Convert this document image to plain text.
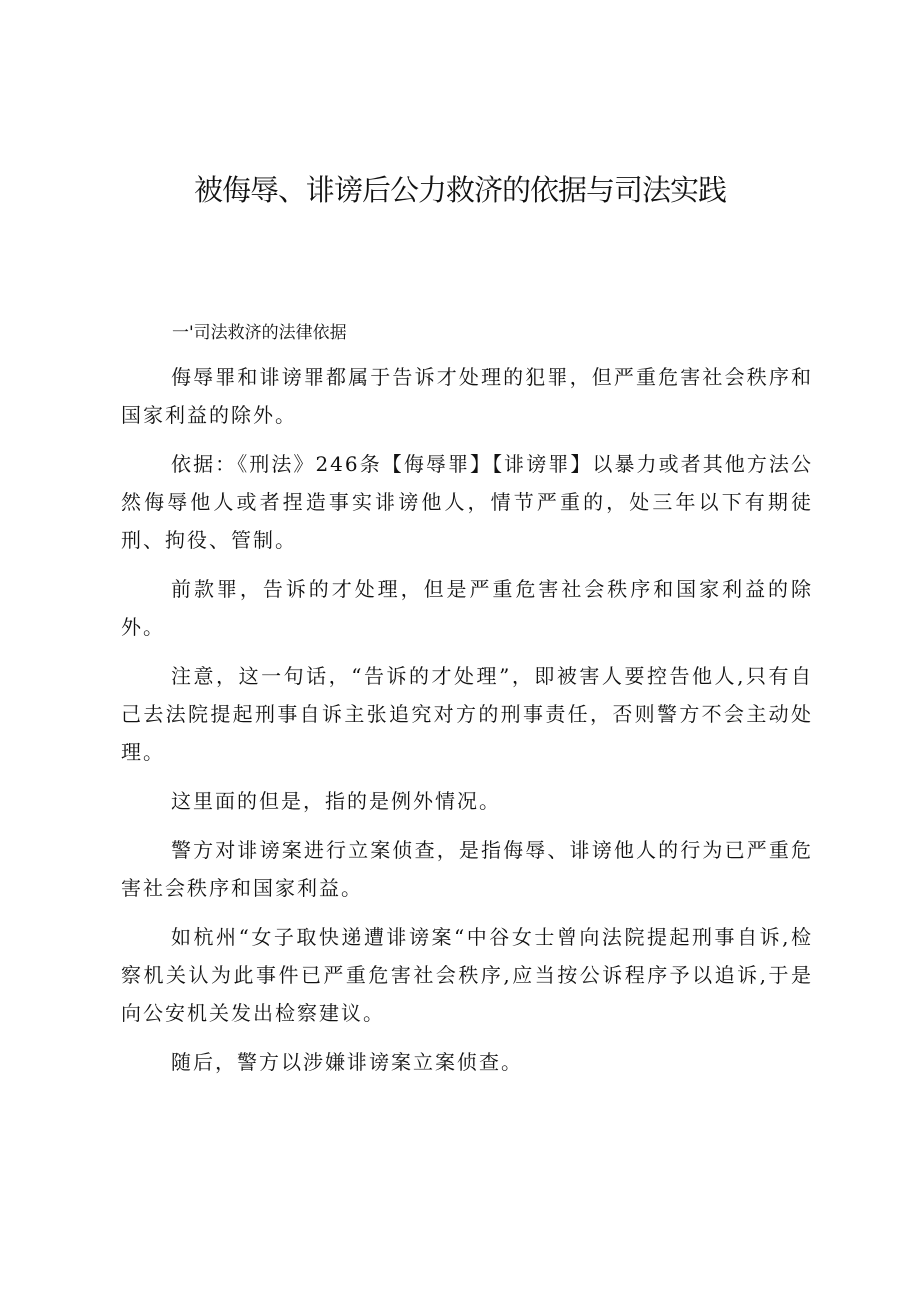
被侮辱、诽谤后公力救济的依据与司法实践
一'司法救济的法律依据

侮辱罪和诽谤罪都属于告诉才处理的犯罪，但严重危害社会秩序和国家利益的除外。

依据：《刑法》246条【侮辱罪】【诽谤罪】以暴力或者其他方法公然侮辱他人或者捏造事实诽谤他人，情节严重的，处三年以下有期徒刑、拘役、管制。

前款罪，告诉的才处理，但是严重危害社会秩序和国家利益的除外。

注意，这一句话，“告诉的才处理”，即被害人要控告他人,只有自己去法院提起刑事自诉主张追究对方的刑事责任，否则警方不会主动处理。

这里面的但是，指的是例外情况。

警方对诽谤案进行立案侦查，是指侮辱、诽谤他人的行为已严重危害社会秩序和国家利益。

如杭州“女子取快递遭诽谤案“中谷女士曾向法院提起刑事自诉,检察机关认为此事件已严重危害社会秩序,应当按公诉程序予以追诉,于是向公安机关发出检察建议。

随后，警方以涉嫌诽谤案立案侦查。
